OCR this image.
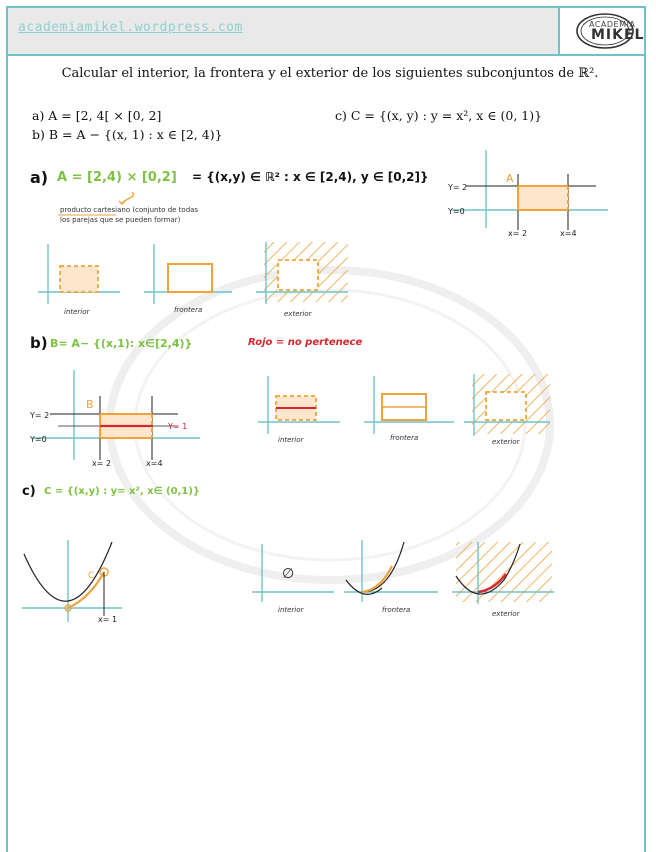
academiamikel.wordpress.com	ACADEMIA
MIKEL
Calcular el interior, la frontera y el exterior de los siguientes subconjuntos de ℝ².
a) A = [2, 4[ × [0, 2]
b) B = A − {(x, 1) : x ∈ [2, 4)}
c) C = {(x, y) : y = x², x ∈ (0, 1)}
a) A = [2,4) × [0,2] = {(x,y) ∈ ℝ² : x ∈ [2,4), y ∈ [0,2]}
producto cartesiano (conjunto de todas
los parejas que se pueden formar)
A
Y= 2
Y=0
x= 2	x=4
interior	frontera	exterior
b) B= A− {(x,1): x∈[2,4)}	Rojo = no pertenece
B
Y= 2
Y=0
Y= 1
x= 2	x=4
interior	frontera	exterior
c) C = {(x,y) : y= x², x∈ (0,1)}
C
x= 1
∅
interior	frontera	exterior
